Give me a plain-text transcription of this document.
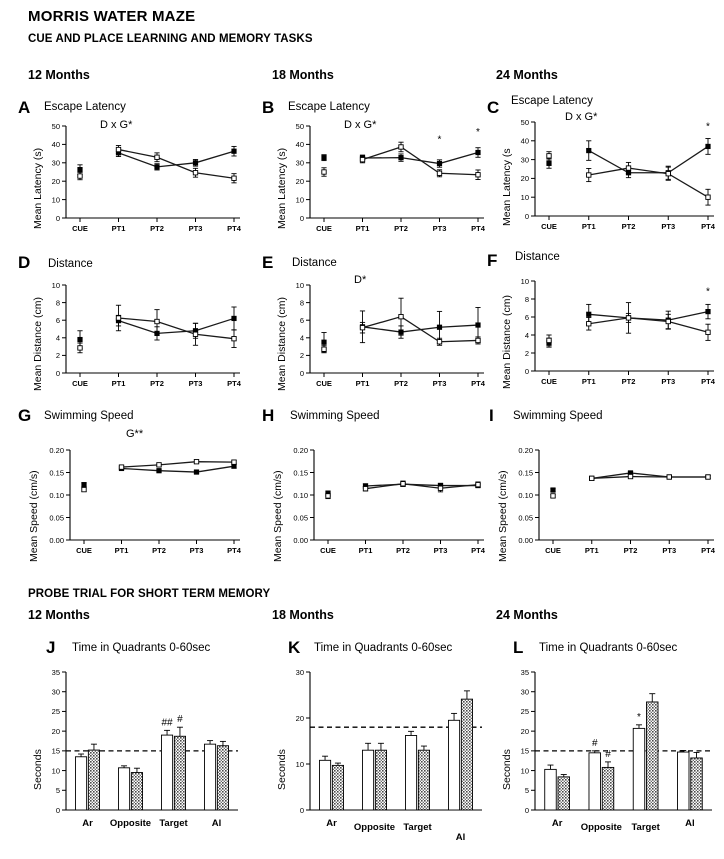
MORRIS WATER MAZE
CUE AND PLACE LEARNING AND MEMORY TASKS
12 Months	18 Months	24 Months
PROBE TRIAL FOR SHORT TERM MEMORY
12 Months	18 Months	24 Months
A Escape Latency
D x G*
Mean Latency (s) 0
10
20
30
40
50
CUE	PT1	PT2	PT3	PT4
B Escape Latency
D x G*
Mean Latency (s) 0
10
20
30
40
50
CUE	PT1	PT2	PT3	PT4
*
*
C Escape Latency
D x G*
Mean Latency (s 0
10
20
30
40
50
CUE	PT1	PT2	PT3	PT4
*
D Distance
Mean Distance (cm) 0
2
4
6
8
10
CUE	PT1	PT2	PT3	PT4
E Distance
D*
Mean Distance (cm) 0
2
4
6
8
10
CUE	PT1	PT2	PT3	PT4
F Distance
Mean Distance (cm) 0
2
4
6
8
10
CUE	PT1	PT2	PT3	PT4
*
G Swimming Speed
G**
Mean Speed (cm/s) 0.00
0.05
0.10
0.15
0.20
CUE	PT1	PT2	PT3	PT4
H Swimming Speed
Mean Speed (cm/s) 0.00
0.05
0.10
0.15
0.20
CUE	PT1	PT2	PT3	PT4
I Swimming Speed
Mean Speed (cm/s) 0.00
0.05
0.10
0.15
0.20
CUE	PT1	PT2	PT3	PT4
J Time in Quadrants 0-60sec
Seconds
0
5
10
15
20
25
30
35
Ar Opposite
## #
Target	Al
K Time in Quadrants 0-60sec
Seconds
0
10
20
30
Ar Opposite Target
Al
L Time in Quadrants 0-60sec
Seconds
0
5
10
15
20
25
30
35
Ar
#
#
Opposite
*
Target	Al
